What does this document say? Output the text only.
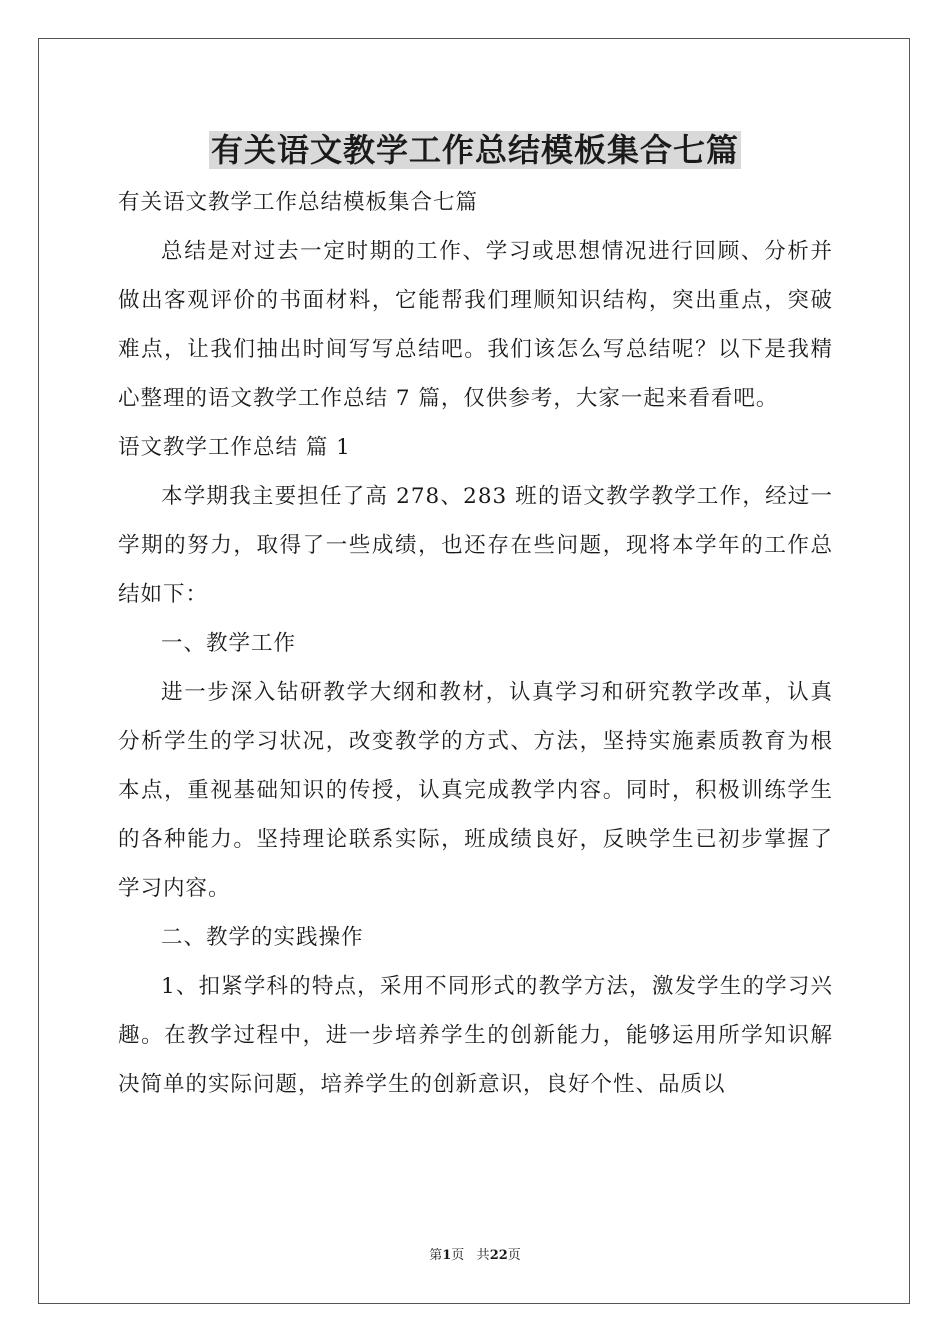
有关语文教学工作总结模板集合七篇

有关语文教学工作总结模板集合七篇

总结是对过去一定时期的工作、学习或思想情况进行回顾、分析并做出客观评价的书面材料，它能帮我们理顺知识结构，突出重点，突破难点，让我们抽出时间写写总结吧。我们该怎么写总结呢？以下是我精心整理的语文教学工作总结 7 篇，仅供参考，大家一起来看看吧。

语文教学工作总结 篇 1

本学期我主要担任了高 278、283 班的语文教学教学工作，经过一学期的努力，取得了一些成绩，也还存在些问题，现将本学年的工作总结如下：

一、教学工作

进一步深入钻研教学大纲和教材，认真学习和研究教学改革，认真分析学生的学习状况，改变教学的方式、方法，坚持实施素质教育为根本点，重视基础知识的传授，认真完成教学内容。同时，积极训练学生的各种能力。坚持理论联系实际，班成绩良好，反映学生已初步掌握了学习内容。

二、教学的实践操作

1、扣紧学科的特点，采用不同形式的教学方法，激发学生的学习兴趣。在教学过程中，进一步培养学生的创新能力，能够运用所学知识解决简单的实际问题，培养学生的创新意识，良好个性、品质以

第1页 共22页
